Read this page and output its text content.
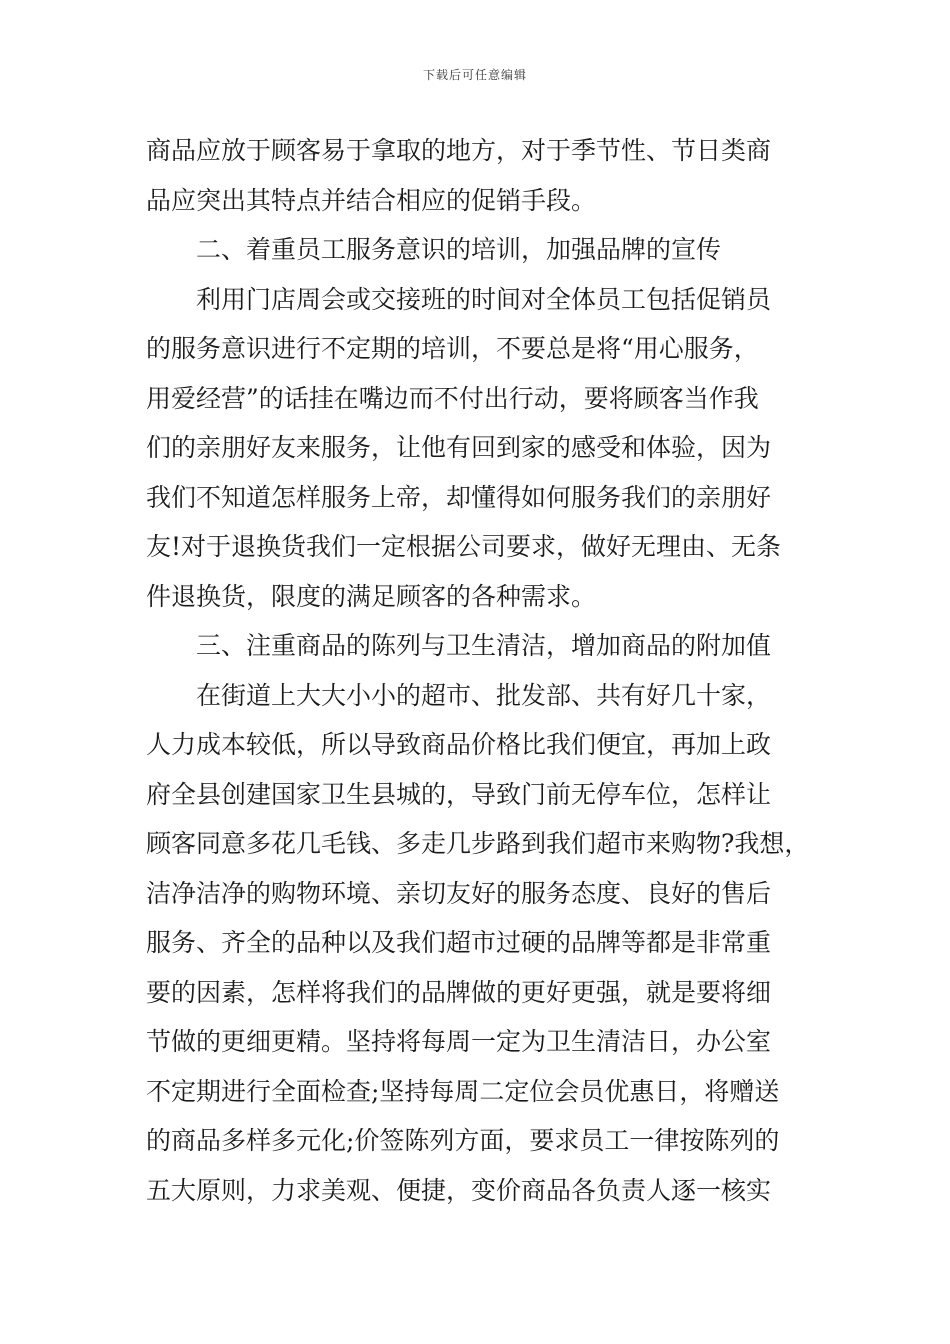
下载后可任意编辑
商品应放于顾客易于拿取的地方，对于季节性、节日类商
品应突出其特点并结合相应的促销手段。
二、着重员工服务意识的培训，加强品牌的宣传
利用门店周会或交接班的时间对全体员工包括促销员
的服务意识进行不定期的培训，不要总是将“用心服务，
用爱经营”的话挂在嘴边而不付出行动，要将顾客当作我
们的亲朋好友来服务，让他有回到家的感受和体验，因为
我们不知道怎样服务上帝，却懂得如何服务我们的亲朋好
友!对于退换货我们一定根据公司要求，做好无理由、无条
件退换货，限度的满足顾客的各种需求。
三、注重商品的陈列与卫生清洁，增加商品的附加值
在街道上大大小小的超市、批发部、共有好几十家，
人力成本较低，所以导致商品价格比我们便宜，再加上政
府全县创建国家卫生县城的，导致门前无停车位，怎样让
顾客同意多花几毛钱、多走几步路到我们超市来购物?我想，
洁净洁净的购物环境、亲切友好的服务态度、良好的售后
服务、齐全的品种以及我们超市过硬的品牌等都是非常重
要的因素，怎样将我们的品牌做的更好更强，就是要将细
节做的更细更精。坚持将每周一定为卫生清洁日，办公室
不定期进行全面检查;坚持每周二定位会员优惠日，将赠送
的商品多样多元化;价签陈列方面，要求员工一律按陈列的
五大原则，力求美观、便捷，变价商品各负责人逐一核实
